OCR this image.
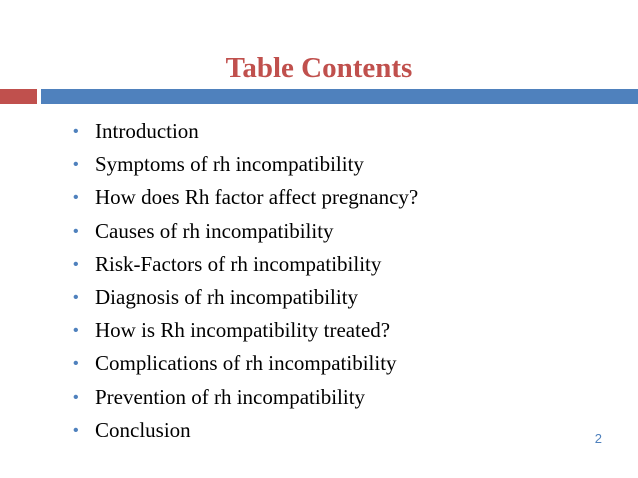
Table Contents
• Introduction
• Symptoms of rh incompatibility
• How does Rh factor affect pregnancy?
• Causes of rh incompatibility
• Risk-Factors of rh incompatibility
• Diagnosis of rh incompatibility
• How is Rh incompatibility treated?
• Complications of rh incompatibility
• Prevention of rh incompatibility
• Conclusion	2
